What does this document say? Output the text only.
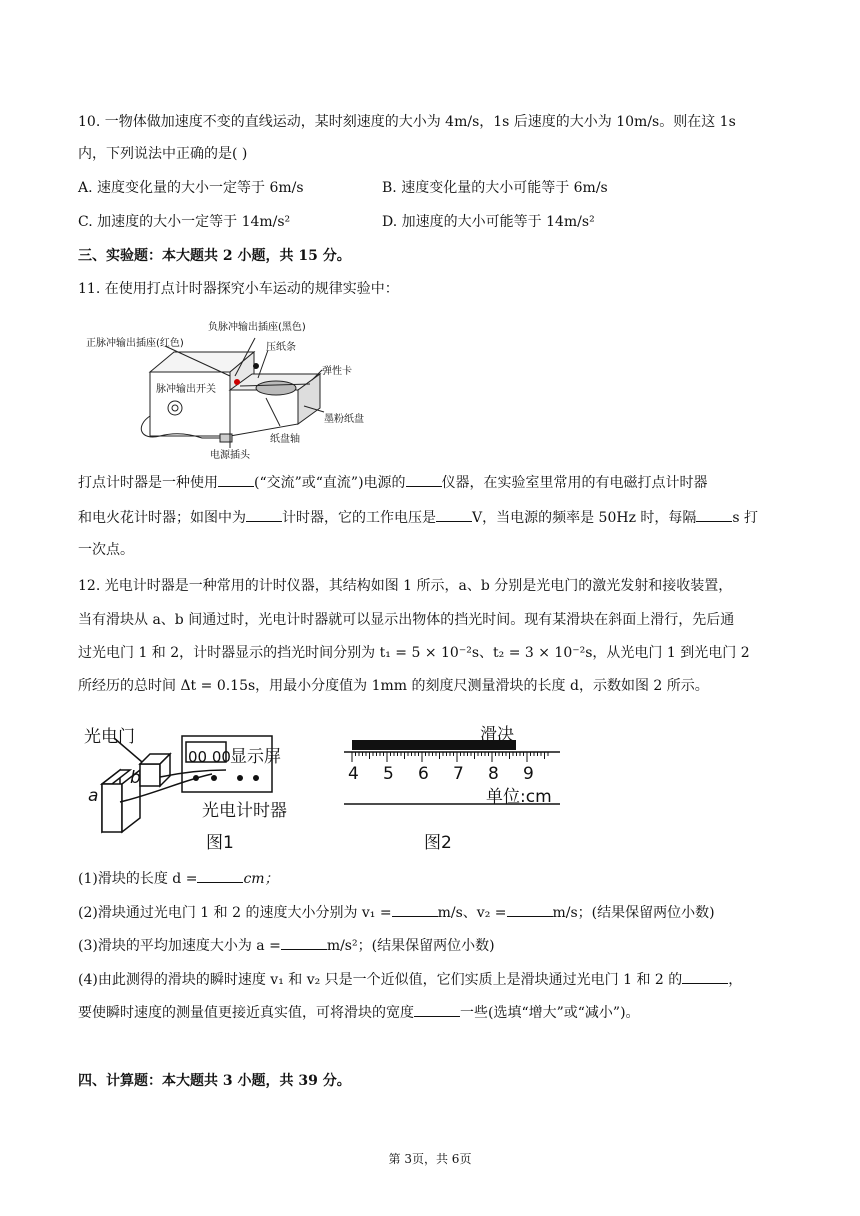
10. 一物体做加速度不变的直线运动，某时刻速度的大小为 4m/s，1s 后速度的大小为 10m/s。则在这 1s
内，下列说法中正确的是( )
A. 速度变化量的大小一定等于 6m/s	B. 速度变化量的大小可能等于 6m/s
C. 加速度的大小一定等于 14m/s²	D. 加速度的大小可能等于 14m/s²
三、实验题：本大题共 2 小题，共 15 分。
11. 在使用打点计时器探究小车运动的规律实验中：
负脉冲输出插座(黑色)
正脉冲输出插座(红色)	压纸条
弹性卡
脉冲输出开关
墨粉纸盘
纸盘轴
电源插头
打点计时器是一种使用	(“交流”或“直流”)电源的	仪器，在实验室里常用的有电磁打点计时器
和电火花计时器；如图中为	计时器，它的工作电压是	V，当电源的频率是 50Hz 时，每隔	s 打
一次点。
12. 光电计时器是一种常用的计时仪器，其结构如图 1 所示，a、b 分别是光电门的激光发射和接收装置，
当有滑块从 a、b 间通过时，光电计时器就可以显示出物体的挡光时间。现有某滑块在斜面上滑行，先后通
过光电门 1 和 2，计时器显示的挡光时间分别为 t₁ = 5 × 10⁻²s、t₂ = 3 × 10⁻²s，从光电门 1 到光电门 2
所经历的总时间 Δt = 0.15s，用最小分度值为 1mm 的刻度尺测量滑块的长度 d，示数如图 2 所示。
光电门
00 00 显示屏
光电计时器
a
b
图1
滑决
4 5 6 7 8 9
单位:cm
图2
(1)滑块的长度 d =	cm；
(2)滑块通过光电门 1 和 2 的速度大小分别为 v₁ =	m/s、v₂ =	m/s；(结果保留两位小数)
(3)滑块的平均加速度大小为 a =	m/s²；(结果保留两位小数)
(4)由此测得的滑块的瞬时速度 v₁ 和 v₂ 只是一个近似值，它们实质上是滑块通过光电门 1 和 2 的	，
要使瞬时速度的测量值更接近真实值，可将滑块的宽度	一些(选填“增大”或“减小”)。
四、计算题：本大题共 3 小题，共 39 分。
第 3页，共 6页
